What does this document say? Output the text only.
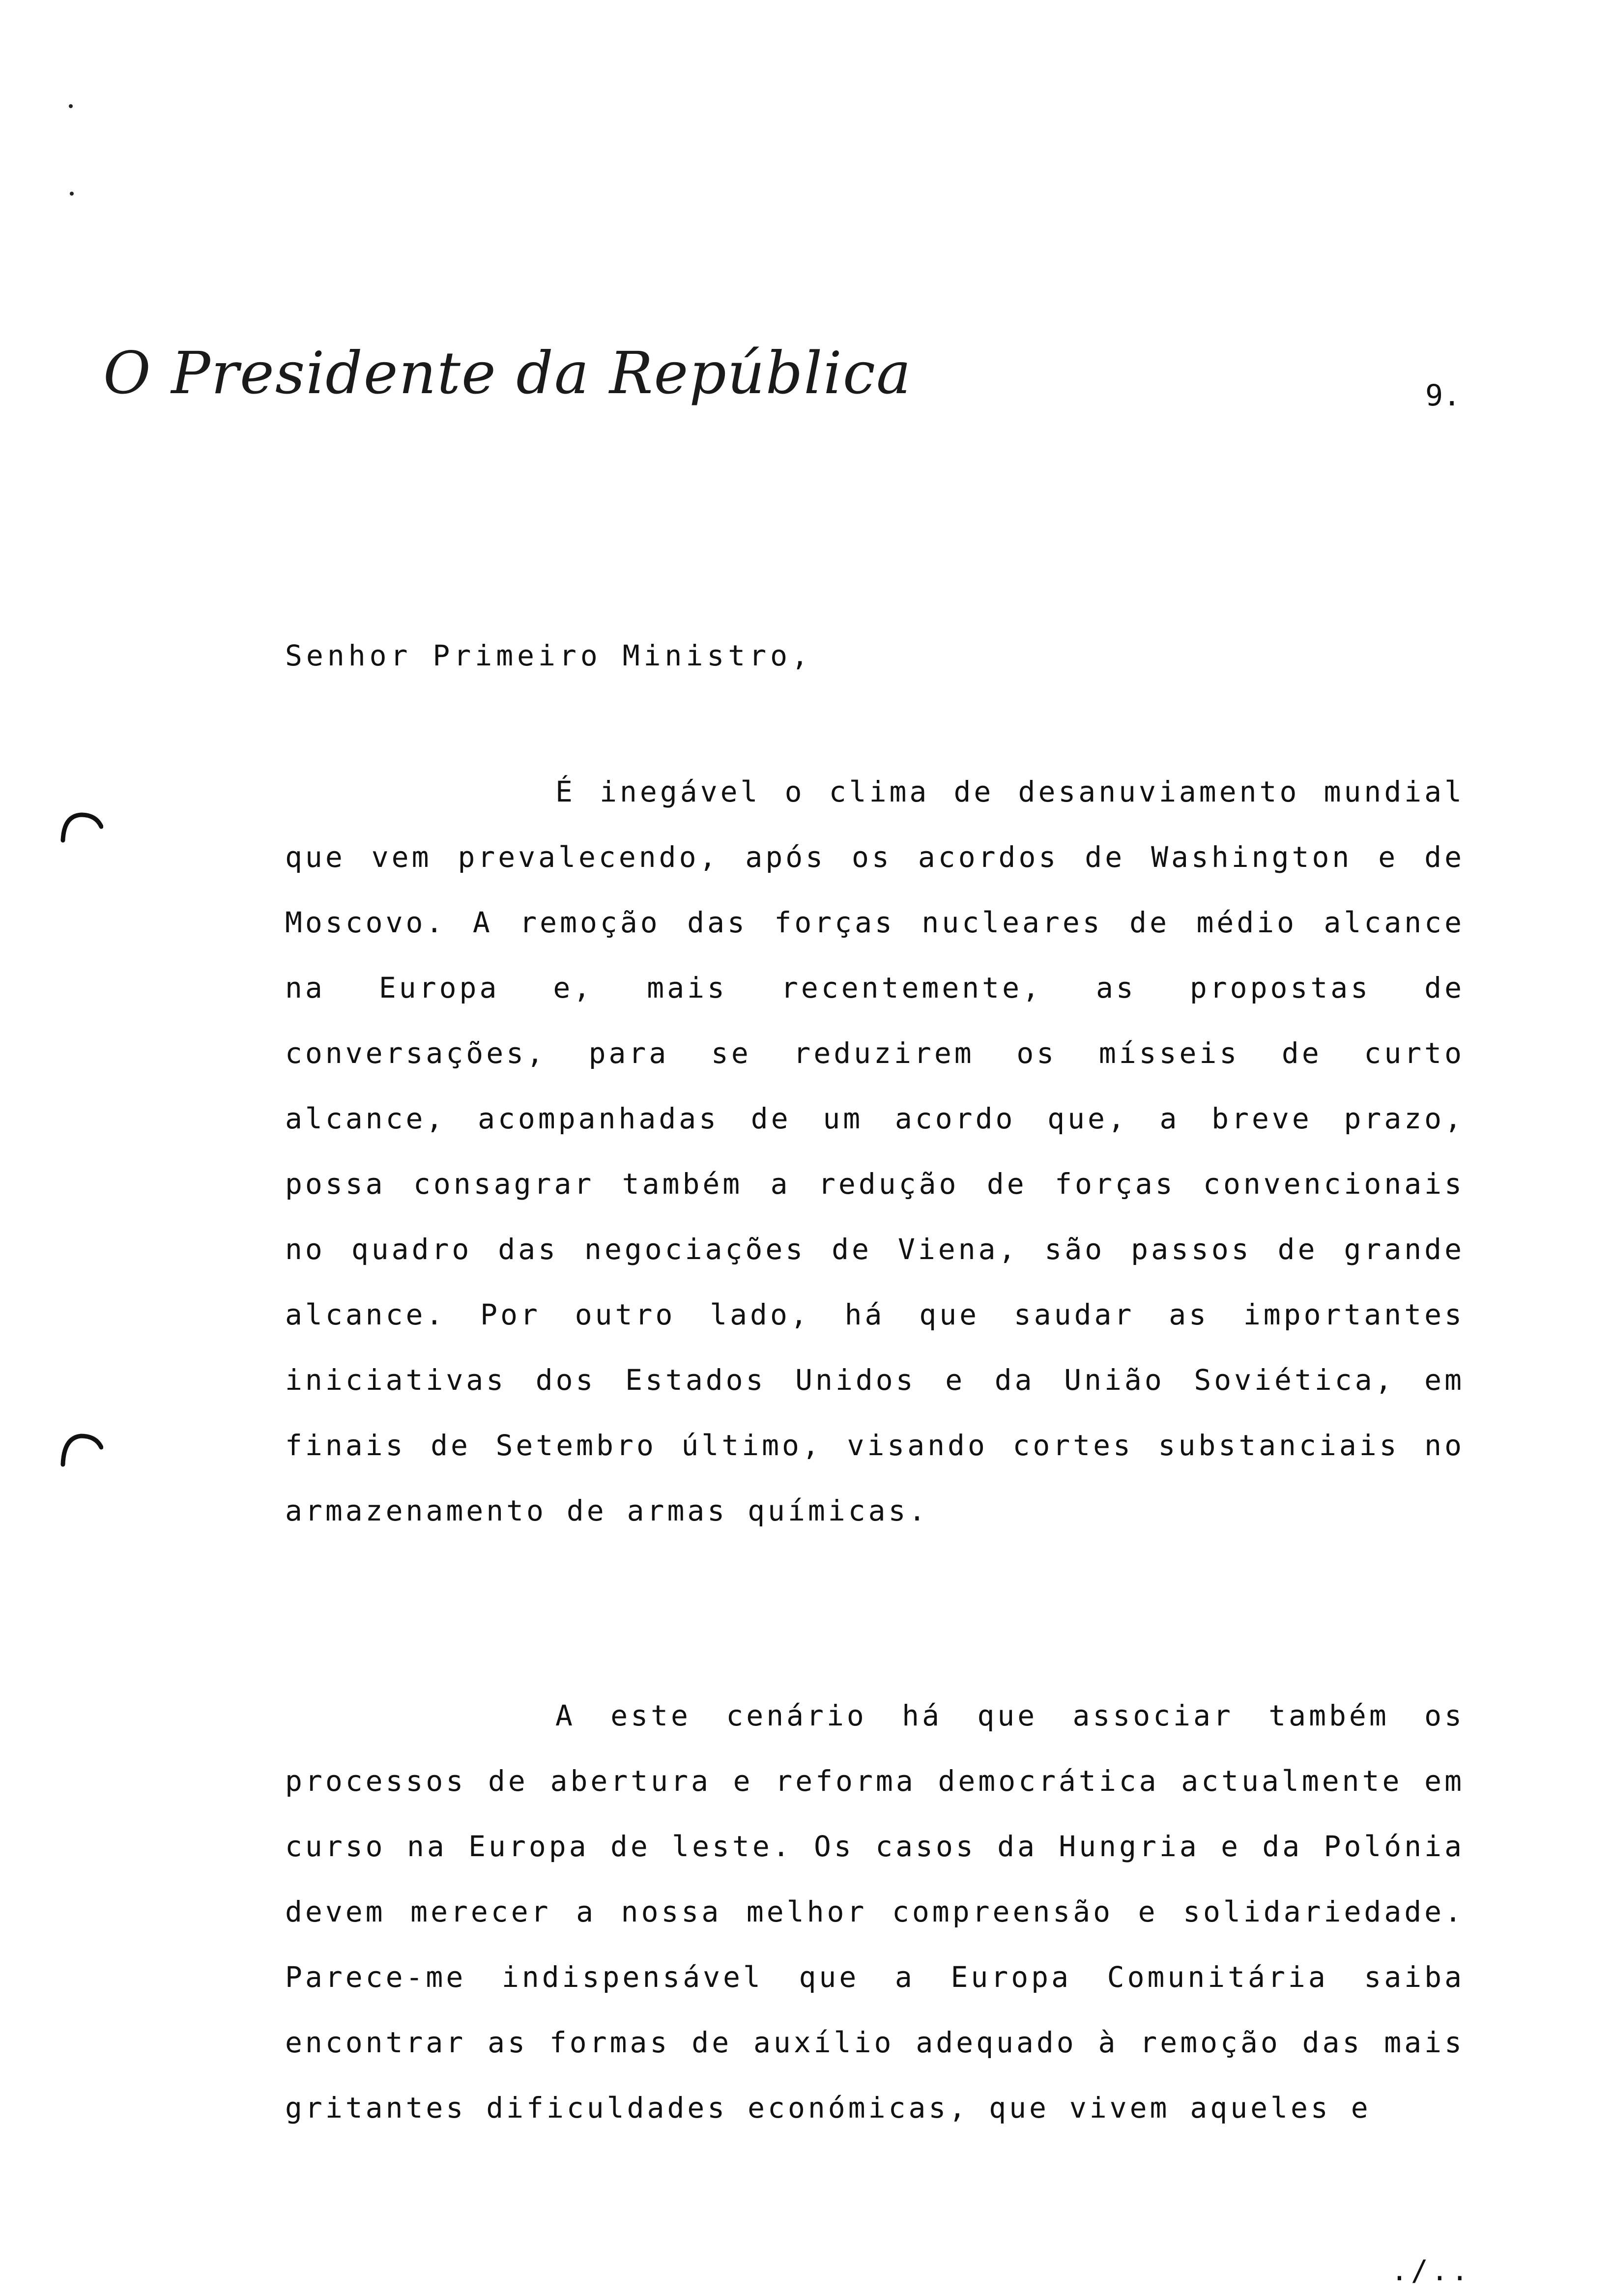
O Presidente da República	9.
Senhor Primeiro Ministro,
É inegável o clima de desanuviamento mundial que vem prevalecendo, após os acordos de Washington e de Moscovo. A remoção das forças nucleares de médio alcance na Europa e, mais recentemente, as propostas de conversações, para se reduzirem os mísseis de curto alcance, acompanhadas de um acordo que, a breve prazo, possa consagrar também a redução de forças convencionais no quadro das negociações de Viena, são passos de grande alcance. Por outro lado, há que saudar as importantes iniciativas dos Estados Unidos e da União Soviética, em finais de Setembro último, visando cortes substanciais no armazenamento de armas químicas.
A este cenário há que associar também os processos de abertura e reforma democrática actualmente em curso na Europa de leste. Os casos da Hungria e da Polónia devem merecer a nossa melhor compreensão e solidariedade. Parece-me indispensável que a Europa Comunitária saiba encontrar as formas de auxílio adequado à remoção das mais gritantes dificuldades económicas, que vivem aqueles e
./..
